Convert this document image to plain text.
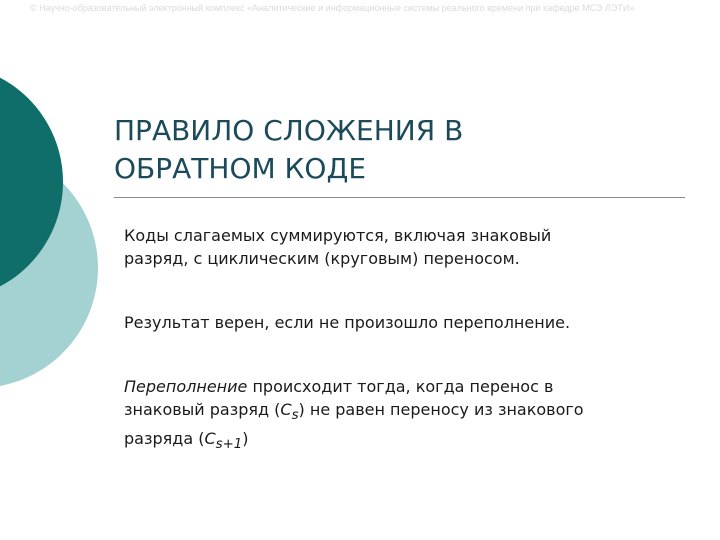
© Научно-образовательный электронный комплекс «Аналитические и информационные системы реального времени при кафедре МСЭ ЛЭТИ»
ПРАВИЛО СЛОЖЕНИЯ В
ОБРАТНОМ КОДЕ

Коды слагаемых суммируются, включая знаковый
разряд, с циклическим (круговым) переносом.

Результат верен, если не произошло переполнение.

Переполнение происходит тогда, когда перенос в
знаковый разряд $(C_s)$ не равен переносу из знакового
разряда $(C_{s+1})$
